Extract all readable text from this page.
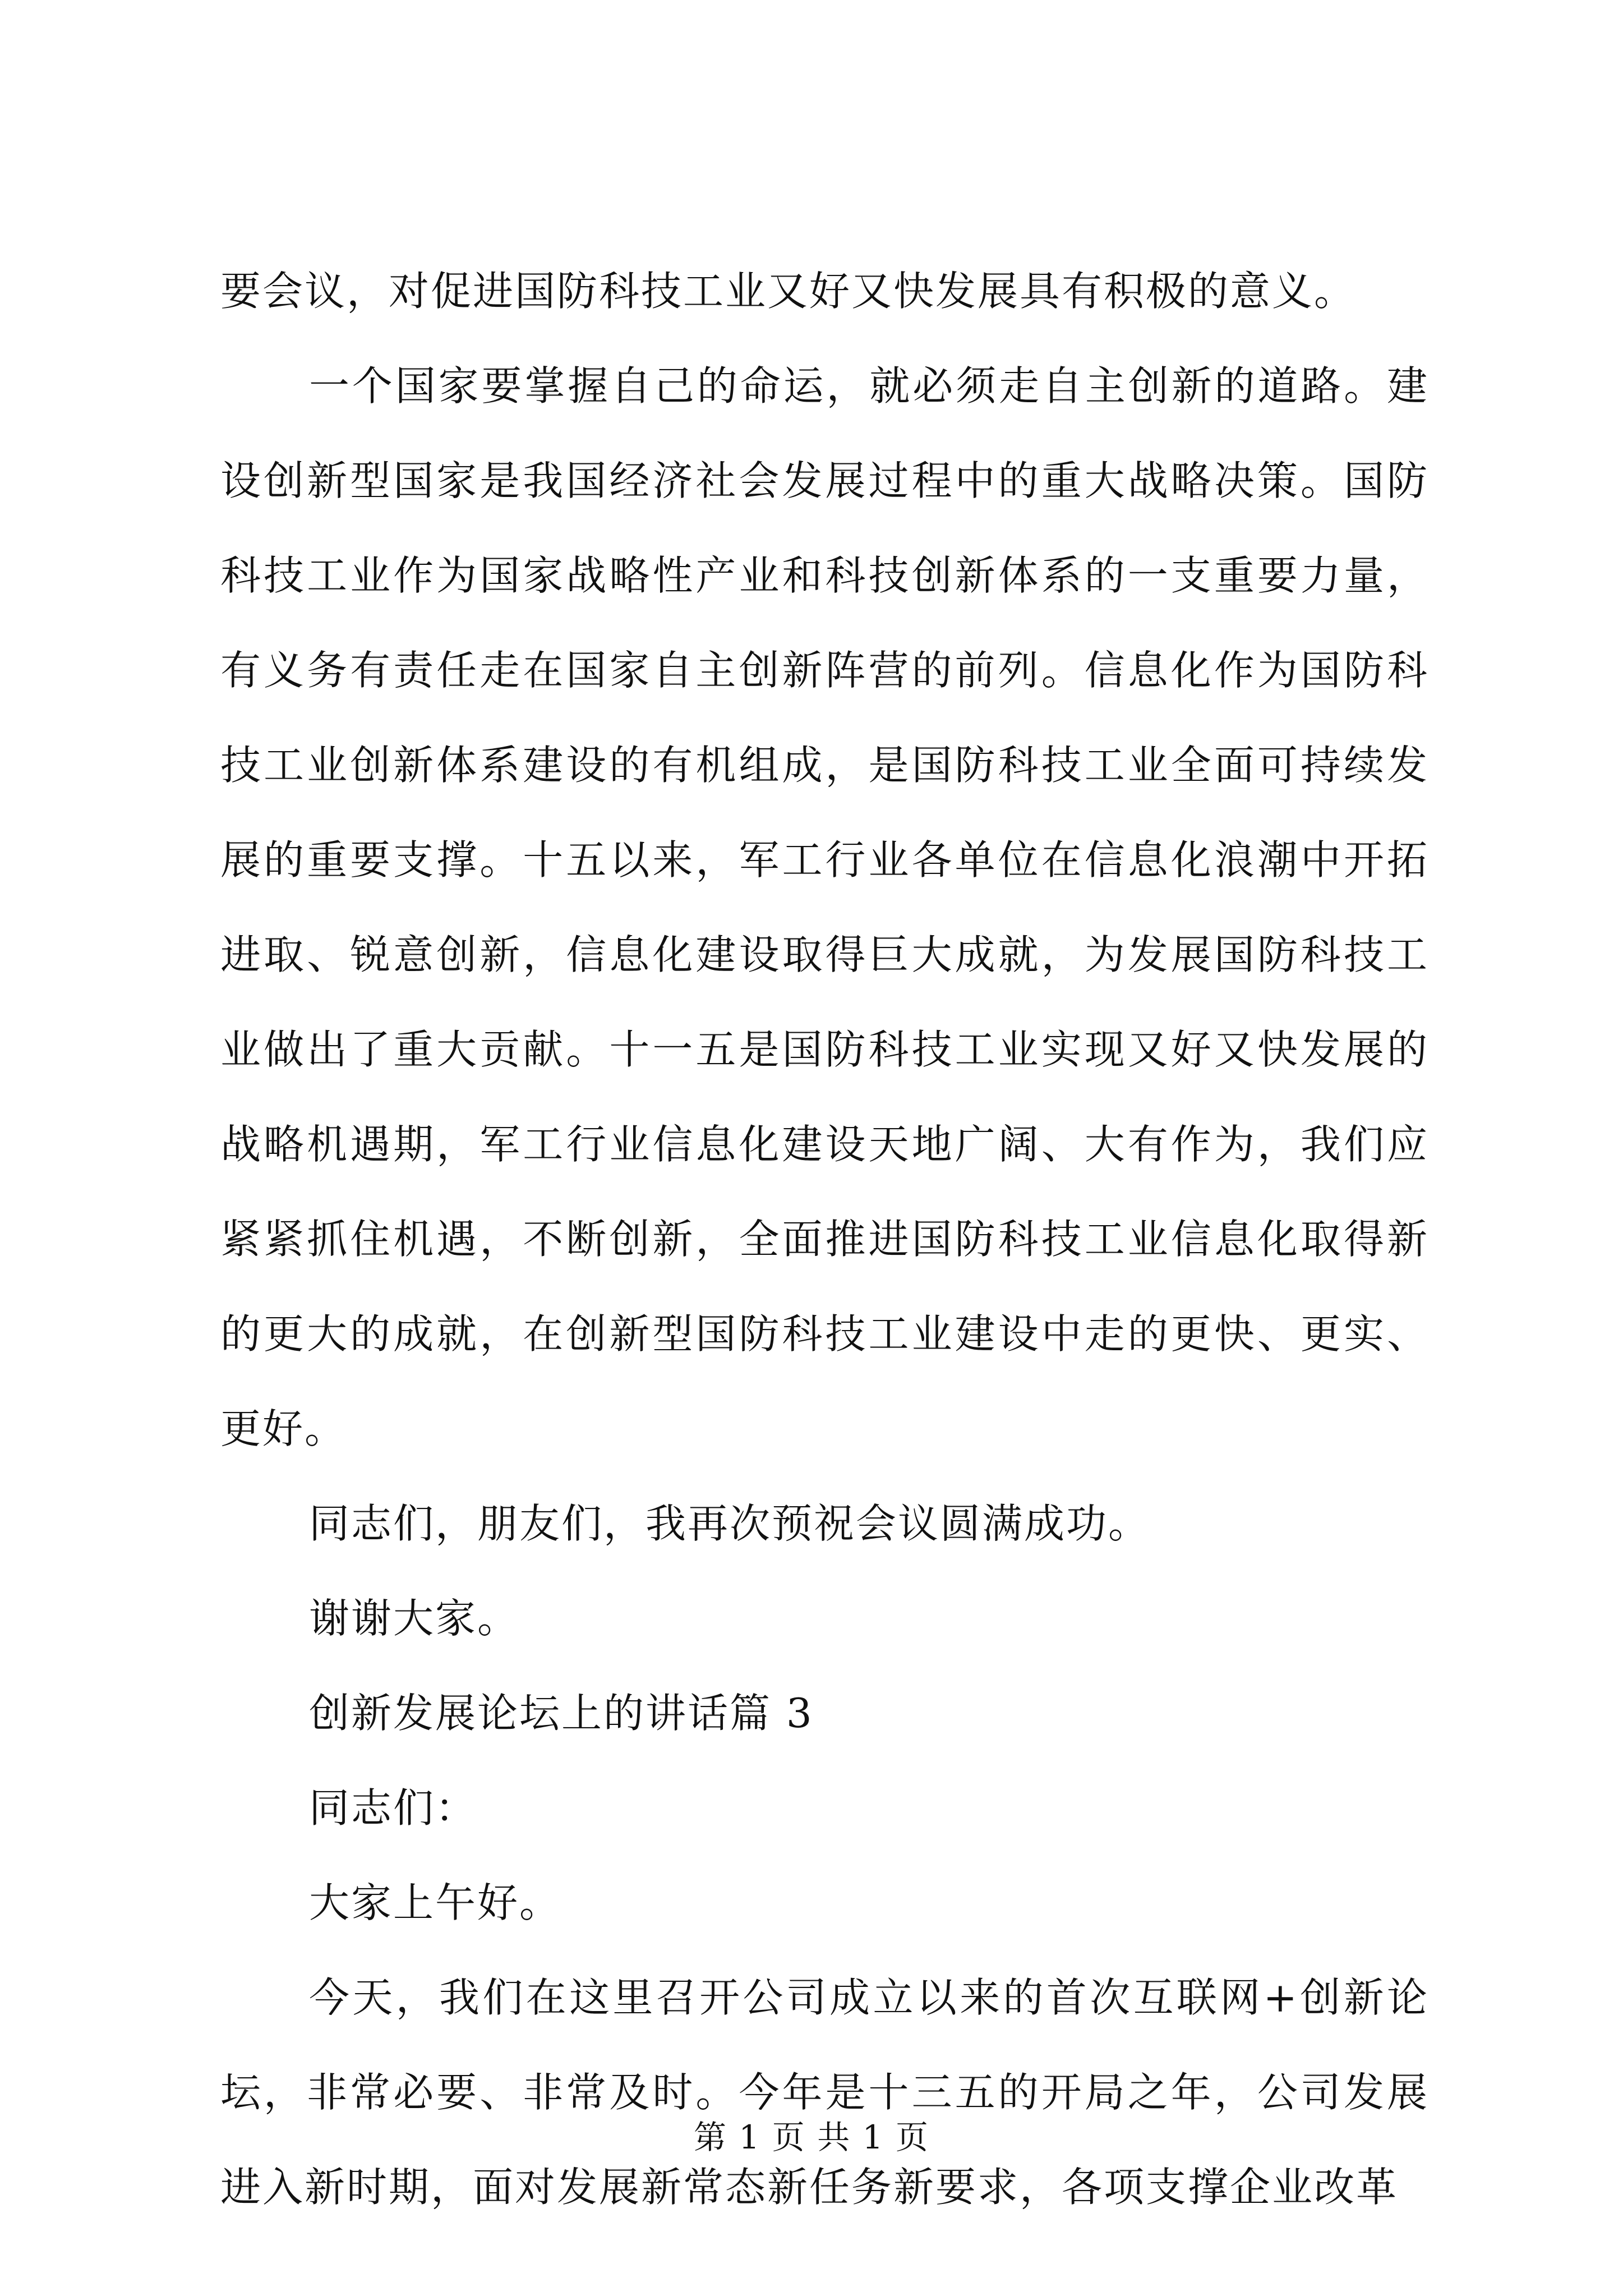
要会议，对促进国防科技工业又好又快发展具有积极的意义。

一个国家要掌握自己的命运，就必须走自主创新的道路。建设创新型国家是我国经济社会发展过程中的重大战略决策。国防科技工业作为国家战略性产业和科技创新体系的一支重要力量，有义务有责任走在国家自主创新阵营的前列。信息化作为国防科技工业创新体系建设的有机组成，是国防科技工业全面可持续发展的重要支撑。十五以来，军工行业各单位在信息化浪潮中开拓进取、锐意创新，信息化建设取得巨大成就，为发展国防科技工业做出了重大贡献。十一五是国防科技工业实现又好又快发展的战略机遇期，军工行业信息化建设天地广阔、大有作为，我们应紧紧抓住机遇，不断创新，全面推进国防科技工业信息化取得新的更大的成就，在创新型国防科技工业建设中走的更快、更实、更好。

同志们，朋友们，我再次预祝会议圆满成功。

谢谢大家。

创新发展论坛上的讲话篇 3

同志们：

大家上午好。

今天，我们在这里召开公司成立以来的首次互联网+创新论坛，非常必要、非常及时。今年是十三五的开局之年，公司发展进入新时期，面对发展新常态新任务新要求，各项支撑企业改革

第 1 页 共 1 页
